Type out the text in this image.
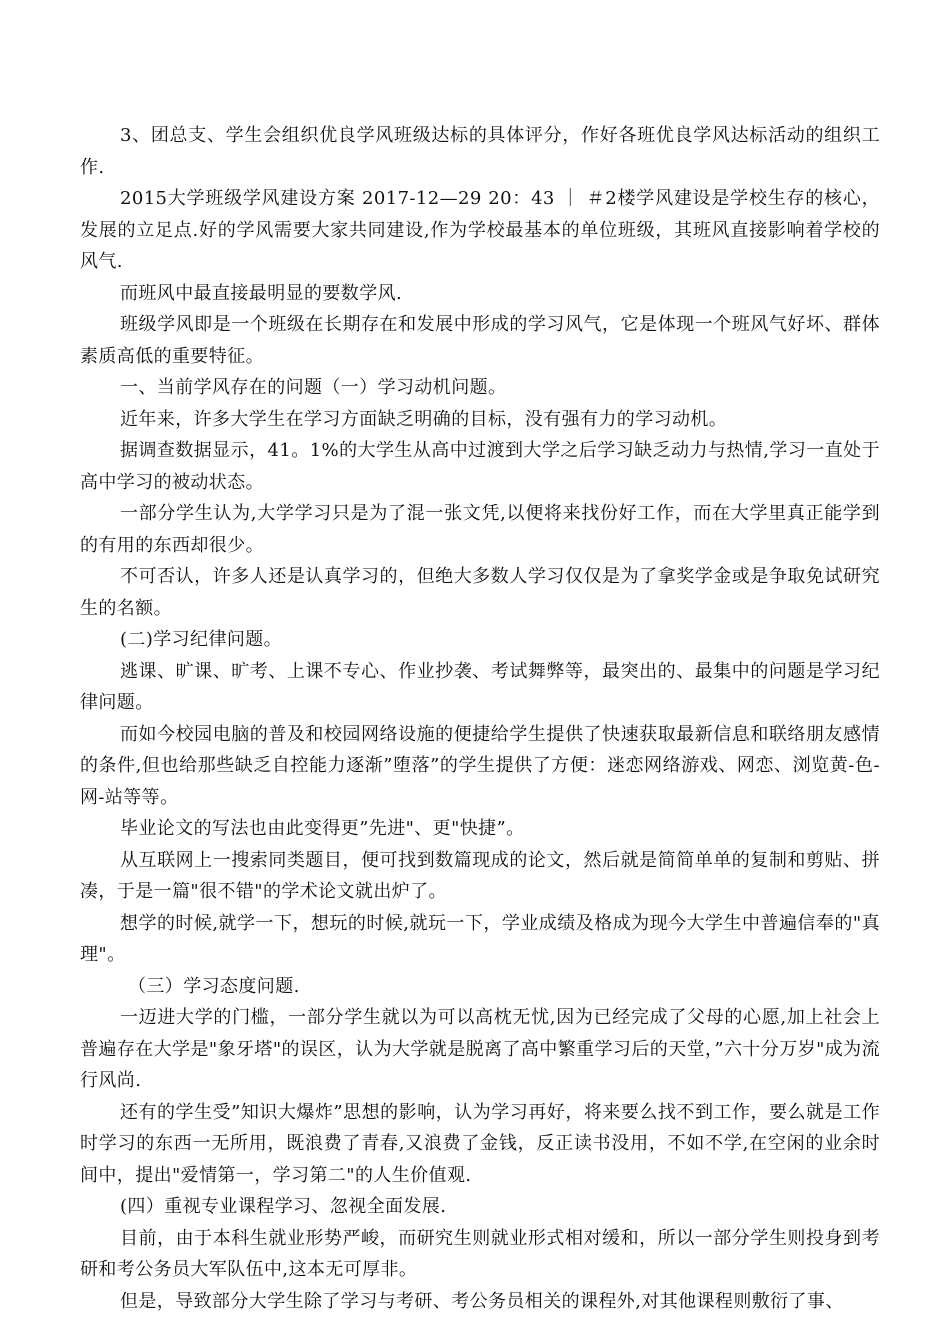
3、团总支、学生会组织优良学风班级达标的具体评分，作好各班优良学风达标活动的组织工作.

2015大学班级学风建设方案 2017-12—29 20：43 ｜ ＃2楼学风建设是学校生存的核心，发展的立足点.好的学风需要大家共同建设,作为学校最基本的单位班级，其班风直接影响着学校的风气.

而班风中最直接最明显的要数学风.

班级学风即是一个班级在长期存在和发展中形成的学习风气，它是体现一个班风气好坏、群体素质高低的重要特征。

一、当前学风存在的问题（一）学习动机问题。

近年来，许多大学生在学习方面缺乏明确的目标，没有强有力的学习动机。

据调查数据显示，41。1%的大学生从高中过渡到大学之后学习缺乏动力与热情,学习一直处于高中学习的被动状态。

一部分学生认为,大学学习只是为了混一张文凭,以便将来找份好工作，而在大学里真正能学到的有用的东西却很少。

不可否认，许多人还是认真学习的，但绝大多数人学习仅仅是为了拿奖学金或是争取免试研究生的名额。

(二)学习纪律问题。

逃课、旷课、旷考、上课不专心、作业抄袭、考试舞弊等，最突出的、最集中的问题是学习纪律问题。

而如今校园电脑的普及和校园网络设施的便捷给学生提供了快速获取最新信息和联络朋友感情的条件,但也给那些缺乏自控能力逐渐”堕落”的学生提供了方便：迷恋网络游戏、网恋、浏览黄-色-网-站等等。

毕业论文的写法也由此变得更”先进"、更"快捷”。

从互联网上一搜索同类题目，便可找到数篇现成的论文，然后就是简简单单的复制和剪贴、拼凑，于是一篇"很不错"的学术论文就出炉了。

想学的时候,就学一下，想玩的时候,就玩一下，学业成绩及格成为现今大学生中普遍信奉的"真理"。

（三）学习态度问题.

一迈进大学的门槛，一部分学生就以为可以高枕无忧,因为已经完成了父母的心愿,加上社会上普遍存在大学是"象牙塔"的误区，认为大学就是脱离了高中繁重学习后的天堂，”六十分万岁"成为流行风尚.

还有的学生受”知识大爆炸”思想的影响，认为学习再好，将来要么找不到工作，要么就是工作时学习的东西一无所用，既浪费了青春,又浪费了金钱，反正读书没用，不如不学,在空闲的业余时间中，提出"爱情第一，学习第二"的人生价值观.

(四）重视专业课程学习、忽视全面发展.

目前，由于本科生就业形势严峻，而研究生则就业形式相对缓和，所以一部分学生则投身到考研和考公务员大军队伍中,这本无可厚非。

但是，导致部分大学生除了学习与考研、考公务员相关的课程外,对其他课程则敷衍了事、
